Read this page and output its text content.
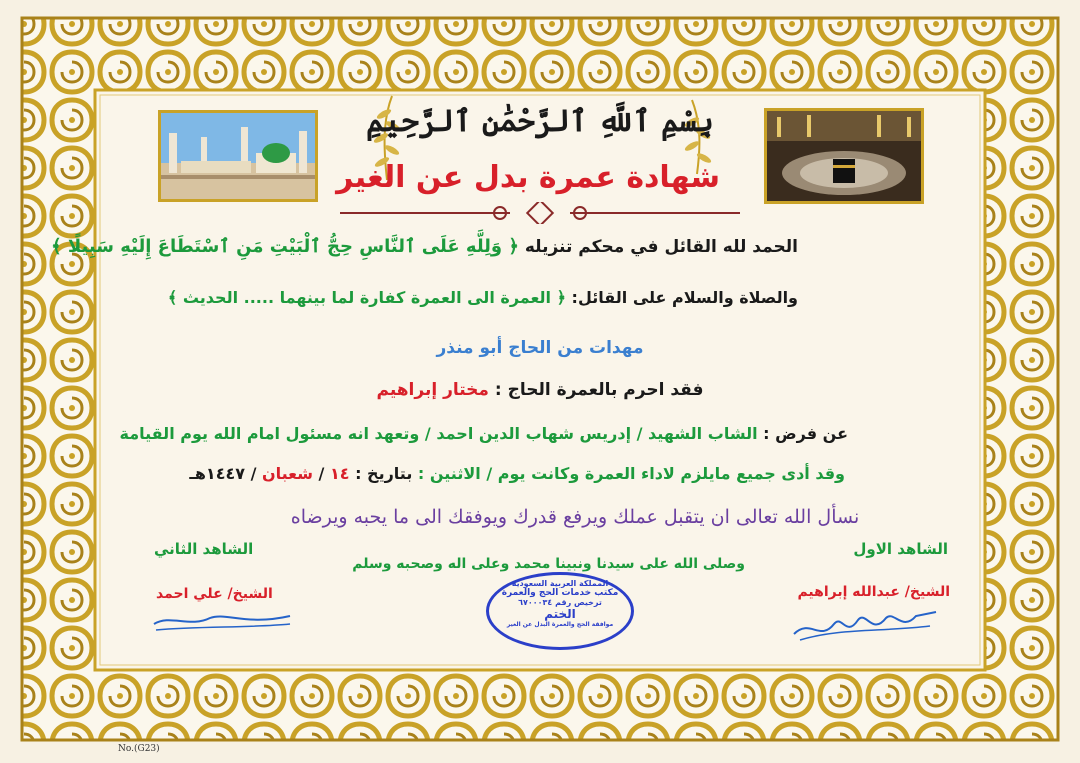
بِسْمِ ٱللَّهِ ٱلرَّحْمَٰنِ ٱلرَّحِيمِ
شهادة عمرة بدل عن الغير
الحمد لله القائل في محكم تنزيله ﴿ وَلِلَّهِ عَلَى ٱلنَّاسِ حِجُّ ٱلْبَيْتِ مَنِ ٱسْتَطَاعَ إِلَيْهِ سَبِيلًا ﴾
والصلاة والسلام على القائل: ﴿ العمرة الى العمرة كفارة لما بينهما ..... الحديث ﴾
مهدات من الحاج أبو منذر
فقد احرم بالعمرة الحاج : مختار إبراهيم
عن فرض : الشاب الشهيد / إدريس شهاب الدين احمد / وتعهد انه مسئول امام الله يوم القيامة
وقد أدى جميع مايلزم لاداء العمرة وكانت يوم / الاثنين : بتاريخ : ١٤ / شعبان / ١٤٤٧هـ
نسأل الله تعالى ان يتقبل عملك ويرفع قدرك ويوفقك الى ما يحبه ويرضاه
الشاهد الاول
الشاهد الثاني
وصلى الله على سيدنا ونبينا محمد وعلى اله وصحبه وسلم
الشيخ/ عبدالله إبراهيم
الشيخ/ علي احمد
المملكة العربية السعودية
مكتب خدمات الحج والعمرة
ترخيص رقم ٦٧٠٠٠٣٤
الختم
موافقة الحج والعمرة البدل عن الغير
No.(G23)
